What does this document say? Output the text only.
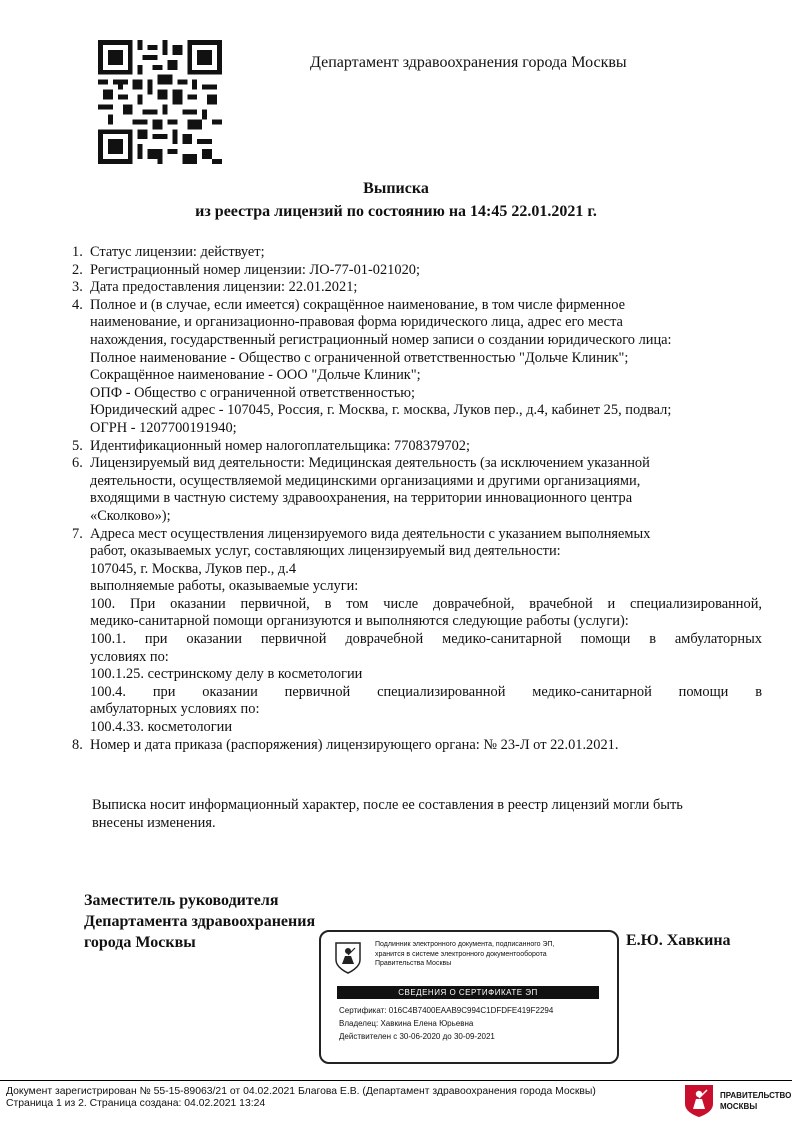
Департамент здравоохранения города Москвы
Выписка
из реестра лицензий по состоянию на 14:45 22.01.2021 г.
1. Статус лицензии: действует;
2. Регистрационный номер лицензии: ЛО-77-01-021020;
3. Дата предоставления лицензии: 22.01.2021;
4. Полное и (в случае, если имеется) сокращённое наименование, в том числе фирменное
наименование, и организационно-правовая форма юридического лица, адрес его места
нахождения, государственный регистрационный номер записи о создании юридического лица:
Полное наименование - Общество с ограниченной ответственностью "Дольче Клиник";
Сокращённое наименование - ООО "Дольче Клиник";
ОПФ - Общество с ограниченной ответственностью;
Юридический адрес - 107045, Россия, г. Москва, г. москва, Луков пер., д.4, кабинет 25, подвал;
ОГРН - 1207700191940;
5. Идентификационный номер налогоплательщика: 7708379702;
6. Лицензируемый вид деятельности: Медицинская деятельность (за исключением указанной
деятельности, осуществляемой медицинскими организациями и другими организациями,
входящими в частную систему здравоохранения, на территории инновационного центра
«Сколково»);
7. Адреса мест осуществления лицензируемого вида деятельности с указанием выполняемых
работ, оказываемых услуг, составляющих лицензируемый вид деятельности:
107045, г. Москва, Луков пер., д.4
выполняемые работы, оказываемые услуги:
100. При оказании первичной, в том числе доврачебной, врачебной и специализированной,
медико-санитарной помощи организуются и выполняются следующие работы (услуги):
100.1. при оказании первичной доврачебной медико-санитарной помощи в амбулаторных
условиях по:
100.1.25. сестринскому делу в косметологии
100.4. при оказании первичной специализированной медико-санитарной помощи в
амбулаторных условиях по:
100.4.33. косметологии
8. Номер и дата приказа (распоряжения) лицензирующего органа: № 23-Л от 22.01.2021.
Выписка носит информационный характер, после ее составления в реестр лицензий могли быть
внесены изменения.
Заместитель руководителя
Департамента здравоохранения
города Москвы	Е.Ю. Хавкина
Подлинник электронного документа, подписанного ЭП,
хранится в системе электронного документооборота
Правительства Москвы
СВЕДЕНИЯ О СЕРТИФИКАТЕ ЭП
Сертификат: 016C4B7400EAAB9C994C1DFDFE419F2294
Владелец: Хавкина Елена Юрьевна
Действителен с 30-06-2020 до 30-09-2021
Документ зарегистрирован № 55-15-89063/21 от 04.02.2021 Благова Е.В. (Департамент здравоохранения города Москвы)
Страница 1 из 2. Страница создана: 04.02.2021 13:24
ПРАВИТЕЛЬСТВО
МОСКВЫ
